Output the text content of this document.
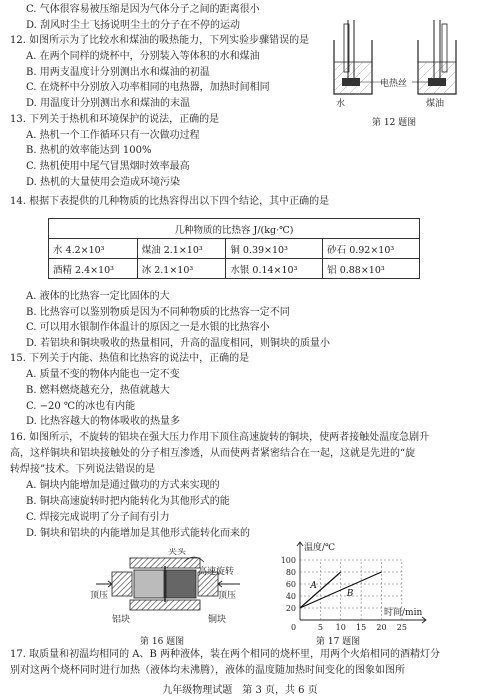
C. 气体很容易被压缩是因为气体分子之间的距离很小
D. 刮风时尘土飞扬说明尘土的分子在不停的运动
12. 如图所示为了比较水和煤油的吸热能力，下列实验步骤错误的是
A. 在两个同样的烧杯中，分别装入等体积的水和煤油
B. 用两支温度计分别测出水和煤油的初温
C. 在烧杯中分别放入功率相同的电热器，加热时间相同
D. 用温度计分别测出水和煤油的末温
13. 下列关于热机和环境保护的说法，正确的是
A. 热机一个工作循环只有一次做功过程
B. 热机的效率能达到 100%
C. 热机使用中尾气冒黑烟时效率最高
D. 热机的大量使用会造成环境污染
14. 根据下表提供的几种物质的比热容得出以下四个结论，其中正确的是
几种物质的比热容 J/(kg·℃)			
水 4.2×10³	煤油 2.1×10³	铜 0.39×10³	砂石 0.92×10³
酒精 2.4×10³	冰 2.1×10³	水银 0.14×10³	铝 0.88×10³
A. 液体的比热容一定比固体的大
B. 比热容可以鉴别物质是因为不同种物质的比热容一定不同
C. 可以用水银制作体温计的原因之一是水银的比热容小
D. 若铝块和铜块吸收的热量相同，升高的温度相同，则铜块的质量小
15. 下列关于内能、热值和比热容的说法中，正确的是
A. 质量不变的物体内能也一定不变
B. 燃料燃烧越充分，热值就越大
C. −20 ℃的冰也有内能
D. 比热容越大的物体吸收的热量多
16. 如图所示，不旋转的铝块在强大压力作用下顶住高速旋转的铜块，使两者接触处温度急剧升
高，这样铜块和铝块接触处的分子相互渗透，从而使两者紧密结合在一起，这就是先进的“旋
转焊接”技术。下列说法错误的是
A. 铜块内能增加是通过做功的方式来实现的
B. 铜块高速旋转时把内能转化为其他形式的能
C. 焊接完成说明了分子间有引力
D. 铜块和铝块的内能增加是其他形式能转化而来的
17. 取质量和初温均相同的 A、B 两种液体，装在两个相同的烧杯里，用两个火焰相同的酒精灯分
别对这两个烧杯同时进行加热（液体均未沸腾），液体的温度随加热时间变化的图象如图所
水
电热丝
煤油
第 12 题图
夹头
高速旋转
顶压	顶压
铝块	铜块
第 16 题图
温度/℃
时间/min
0
20
40
60
80
100
5 10 15 20 25
A
B
第 17 题图
九年级物理试题　第 3 页，共 6 页
